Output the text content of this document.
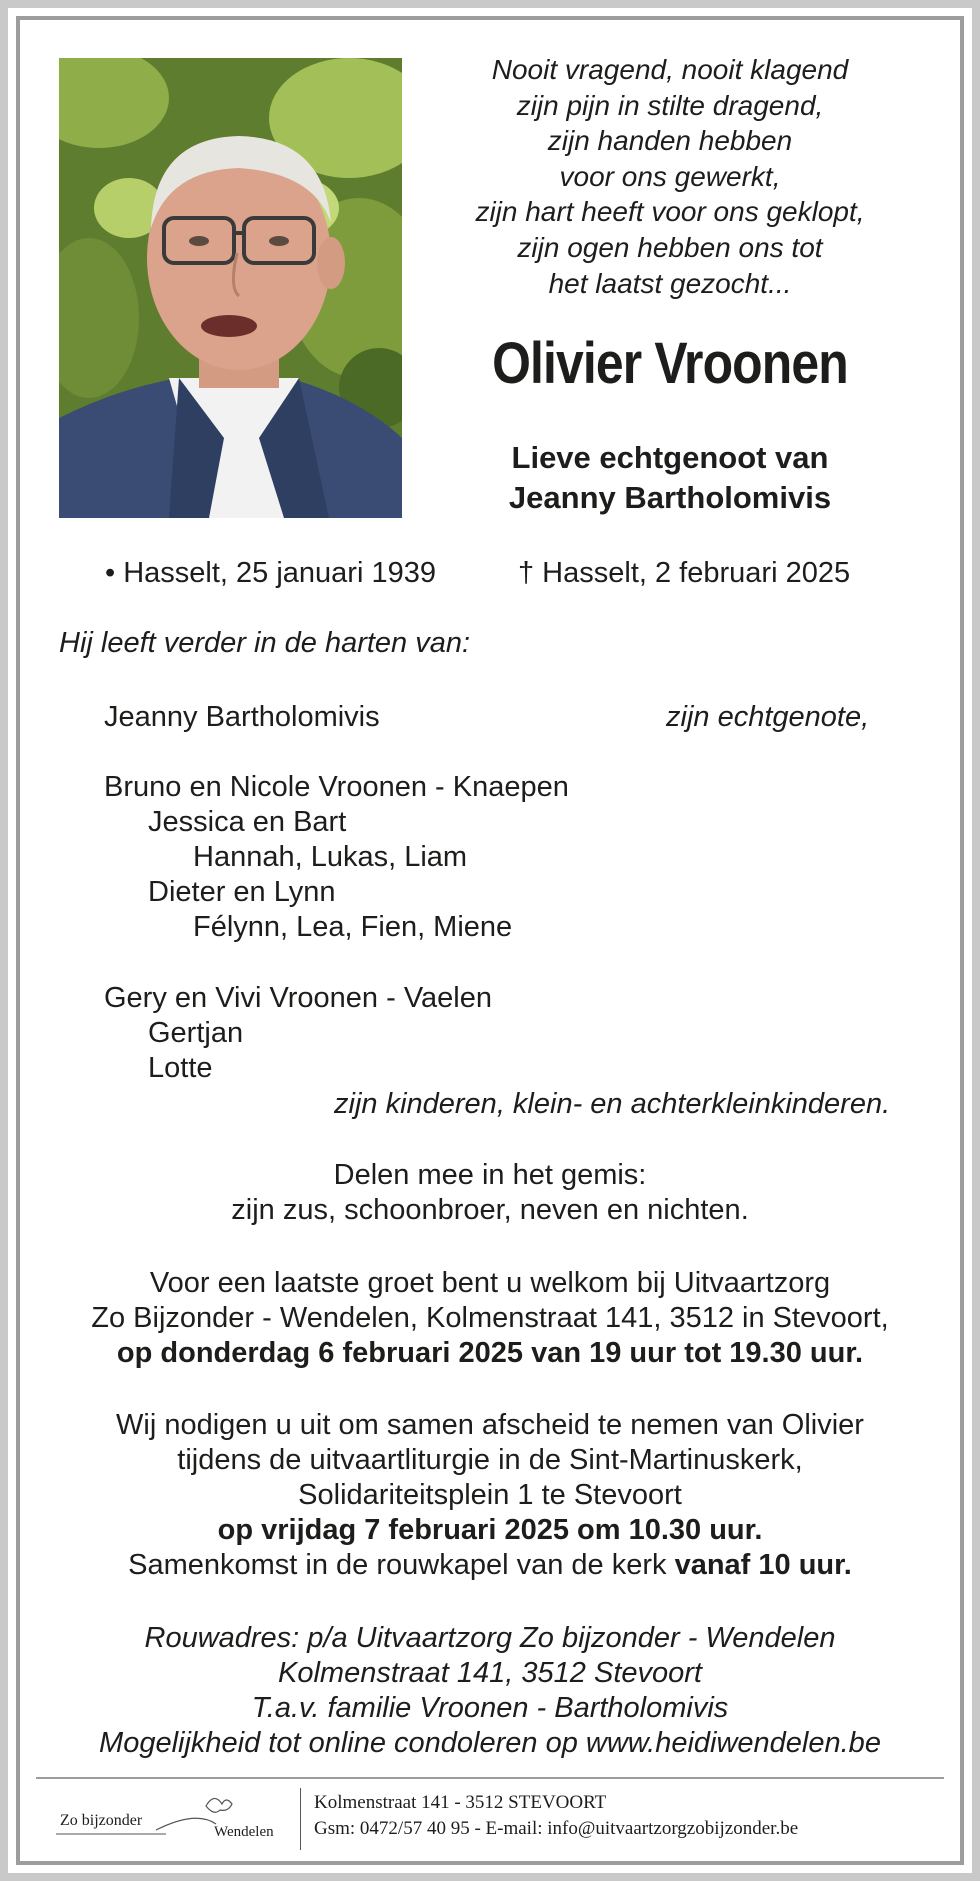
Nooit vragend, nooit klagend
zijn pijn in stilte dragend,
zijn handen hebben
voor ons gewerkt,
zijn hart heeft voor ons geklopt,
zijn ogen hebben ons tot
het laatst gezocht...
Olivier Vroonen
Lieve echtgenoot van
Jeanny Bartholomivis
• Hasselt, 25 januari 1939	† Hasselt, 2 februari 2025
Hij leeft verder in de harten van:
Jeanny Bartholomivis	zijn echtgenote,
Bruno en Nicole Vroonen - Knaepen
Jessica en Bart
Hannah, Lukas, Liam
Dieter en Lynn
Félynn, Lea, Fien, Miene
Gery en Vivi Vroonen - Vaelen
Gertjan
Lotte
zijn kinderen, klein- en achterkleinkinderen.
Delen mee in het gemis:
zijn zus, schoonbroer, neven en nichten.
Voor een laatste groet bent u welkom bij Uitvaartzorg
Zo Bijzonder - Wendelen, Kolmenstraat 141, 3512 in Stevoort,
op donderdag 6 februari 2025 van 19 uur tot 19.30 uur.
Wij nodigen u uit om samen afscheid te nemen van Olivier
tijdens de uitvaartliturgie in de Sint-Martinuskerk,
Solidariteitsplein 1 te Stevoort
op vrijdag 7 februari 2025 om 10.30 uur.
Samenkomst in de rouwkapel van de kerk vanaf 10 uur.
Rouwadres: p/a Uitvaartzorg Zo bijzonder - Wendelen
Kolmenstraat 141, 3512 Stevoort
T.a.v. familie Vroonen - Bartholomivis
Mogelijkheid tot online condoleren op www.heidiwendelen.be
Zo bijzonder
Wendelen
Kolmenstraat 141 - 3512 STEVOORT
Gsm: 0472/57 40 95 - E-mail: info@uitvaartzorgzobijzonder.be
